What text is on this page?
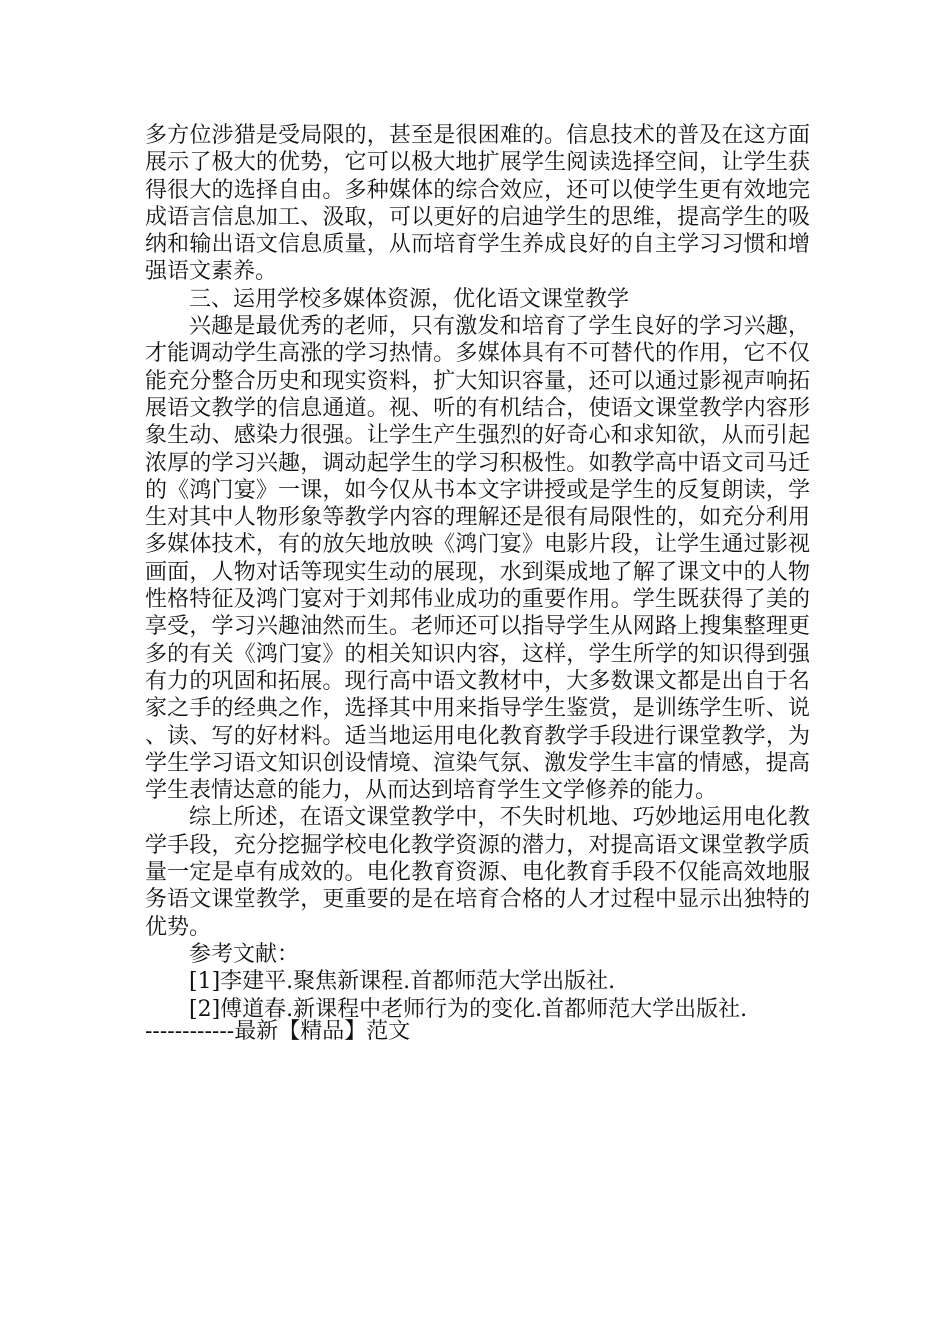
多方位涉猎是受局限的，甚至是很困难的。信息技术的普及在这方面展示了极大的优势，它可以极大地扩展学生阅读选择空间，让学生获得很大的选择自由。多种媒体的综合效应，还可以使学生更有效地完成语言信息加工、汲取，可以更好的启迪学生的思维，提高学生的吸纳和输出语文信息质量，从而培育学生养成良好的自主学习习惯和增强语文素养。

三、运用学校多媒体资源，优化语文课堂教学

兴趣是最优秀的老师，只有激发和培育了学生良好的学习兴趣，才能调动学生高涨的学习热情。多媒体具有不可替代的作用，它不仅能充分整合历史和现实资料，扩大知识容量，还可以通过影视声响拓展语文教学的信息通道。视、听的有机结合，使语文课堂教学内容形象生动、感染力很强。让学生产生强烈的好奇心和求知欲，从而引起浓厚的学习兴趣，调动起学生的学习积极性。如教学高中语文司马迁的《鸿门宴》一课，如今仅从书本文字讲授或是学生的反复朗读，学生对其中人物形象等教学内容的理解还是很有局限性的，如充分利用多媒体技术，有的放矢地放映《鸿门宴》电影片段，让学生通过影视画面，人物对话等现实生动的展现，水到渠成地了解了课文中的人物性格特征及鸿门宴对于刘邦伟业成功的重要作用。学生既获得了美的享受，学习兴趣油然而生。老师还可以指导学生从网路上搜集整理更多的有关《鸿门宴》的相关知识内容，这样，学生所学的知识得到强有力的巩固和拓展。现行高中语文教材中，大多数课文都是出自于名家之手的经典之作，选择其中用来指导学生鉴赏，是训练学生听、说、读、写的好材料。适当地运用电化教育教学手段进行课堂教学，为学生学习语文知识创设情境、渲染气氛、激发学生丰富的情感，提高学生表情达意的能力，从而达到培育学生文学修养的能力。

综上所述，在语文课堂教学中，不失时机地、巧妙地运用电化教学手段，充分挖掘学校电化教学资源的潜力，对提高语文课堂教学质量一定是卓有成效的。电化教育资源、电化教育手段不仅能高效地服务语文课堂教学，更重要的是在培育合格的人才过程中显示出独特的优势。

参考文献：

[1]李建平.聚焦新课程.首都师范大学出版社.

[2]傅道春.新课程中老师行为的变化.首都师范大学出版社.

------------最新【精品】范文
